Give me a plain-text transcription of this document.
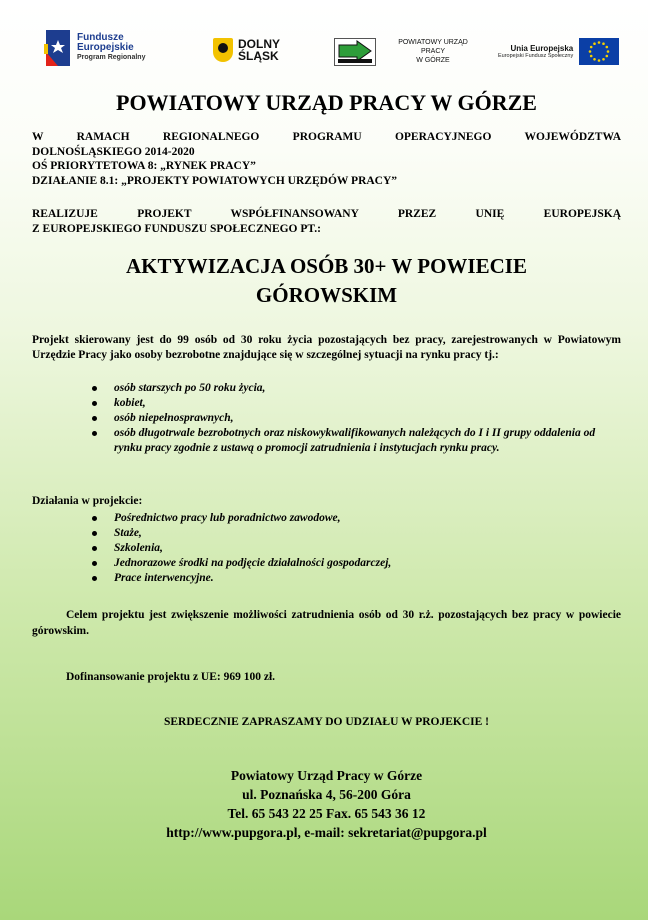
Fundusze
Europejskie
Program Regionalny
DOLNY
ŚLĄSK
POWIATOWY URZĄD
PRACY
W GÓRZE
Unia Europejska
Europejski Fundusz Społeczny
POWIATOWY URZĄD PRACY W GÓRZE
W RAMACH REGIONALNEGO PROGRAMU OPERACYJNEGO WOJEWÓDZTWA
DOLNOŚLĄSKIEGO 2014-2020
OŚ PRIORYTETOWA 8: „RYNEK PRACY”
DZIAŁANIE 8.1: „PROJEKTY POWIATOWYCH URZĘDÓW PRACY”
REALIZUJE PROJEKT WSPÓŁFINANSOWANY PRZEZ UNIĘ EUROPEJSKĄ
Z EUROPEJSKIEGO FUNDUSZU SPOŁECZNEGO PT.:
AKTYWIZACJA OSÓB 30+ W POWIECIE
GÓROWSKIM
Projekt skierowany jest do 99 osób od 30 roku życia pozostających bez pracy, zarejestrowanych w Powiatowym Urzędzie Pracy jako osoby bezrobotne znajdujące się w szczególnej sytuacji na rynku pracy tj.:
osób starszych po 50 roku życia,
kobiet,
osób niepełnosprawnych,
osób długotrwale bezrobotnych oraz niskowykwalifikowanych należących do I i II grupy oddalenia od rynku pracy zgodnie z ustawą o promocji zatrudnienia i instytucjach rynku pracy.
Działania w projekcie:
Pośrednictwo pracy lub poradnictwo zawodowe,
Staże,
Szkolenia,
Jednorazowe środki na podjęcie działalności gospodarczej,
Prace interwencyjne.
Celem projektu jest zwiększenie możliwości zatrudnienia osób od 30 r.ż. pozostających bez pracy w powiecie górowskim.
Dofinansowanie projektu z UE: 969 100 zł.
SERDECZNIE ZAPRASZAMY DO UDZIAŁU W PROJEKCIE !
Powiatowy Urząd Pracy w Górze
ul. Poznańska 4, 56-200 Góra
Tel. 65 543 22 25 Fax. 65 543 36 12
http://www.pupgora.pl, e-mail: sekretariat@pupgora.pl
